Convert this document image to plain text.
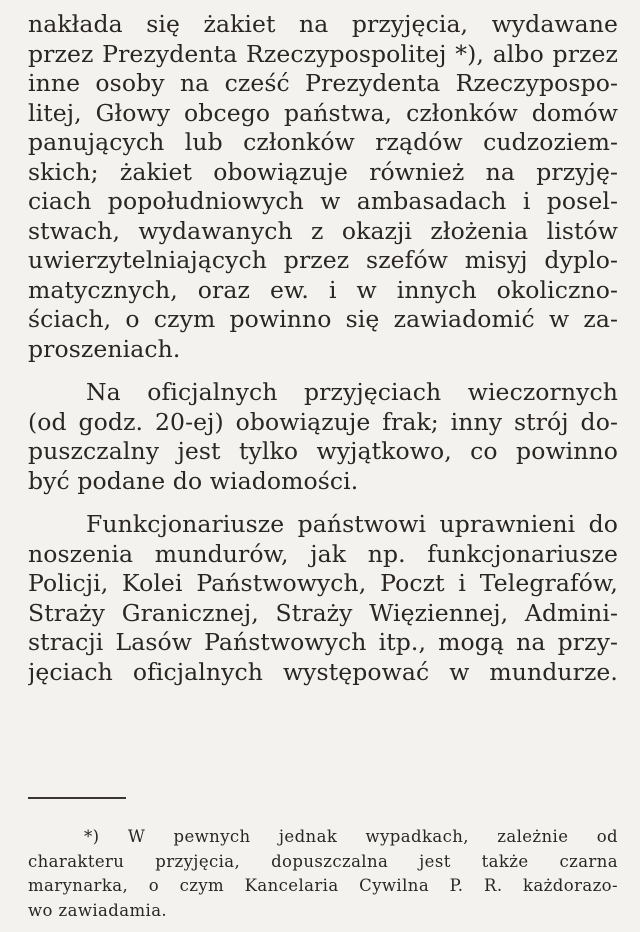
nakłada się żakiet na przyjęcia, wydawane
przez Prezydenta Rzeczypospolitej *), albo przez
inne osoby na cześć Prezydenta Rzeczypospo-
litej, Głowy obcego państwa, członków domów
panujących lub członków rządów cudzoziem-
skich; żakiet obowiązuje również na przyję-
ciach popołudniowych w ambasadach i posel-
stwach, wydawanych z okazji złożenia listów
uwierzytelniających przez szefów misyj dyplo-
matycznych, oraz ew. i w innych okoliczno-
ściach, o czym powinno się zawiadomić w za-
proszeniach.
Na oficjalnych przyjęciach wieczornych
(od godz. 20-ej) obowiązuje frak; inny strój do-
puszczalny jest tylko wyjątkowo, co powinno
być podane do wiadomości.
Funkcjonariusze państwowi uprawnieni do
noszenia mundurów, jak np. funkcjonariusze
Policji, Kolei Państwowych, Poczt i Telegrafów,
Straży Granicznej, Straży Więziennej, Admini-
stracji Lasów Państwowych itp., mogą na przy-
jęciach oficjalnych występować w mundurze.
*) W pewnych jednak wypadkach, zależnie od
charakteru przyjęcia, dopuszczalna jest także czarna
marynarka, o czym Kancelaria Cywilna P. R. każdorazo-
wo zawiadamia.
